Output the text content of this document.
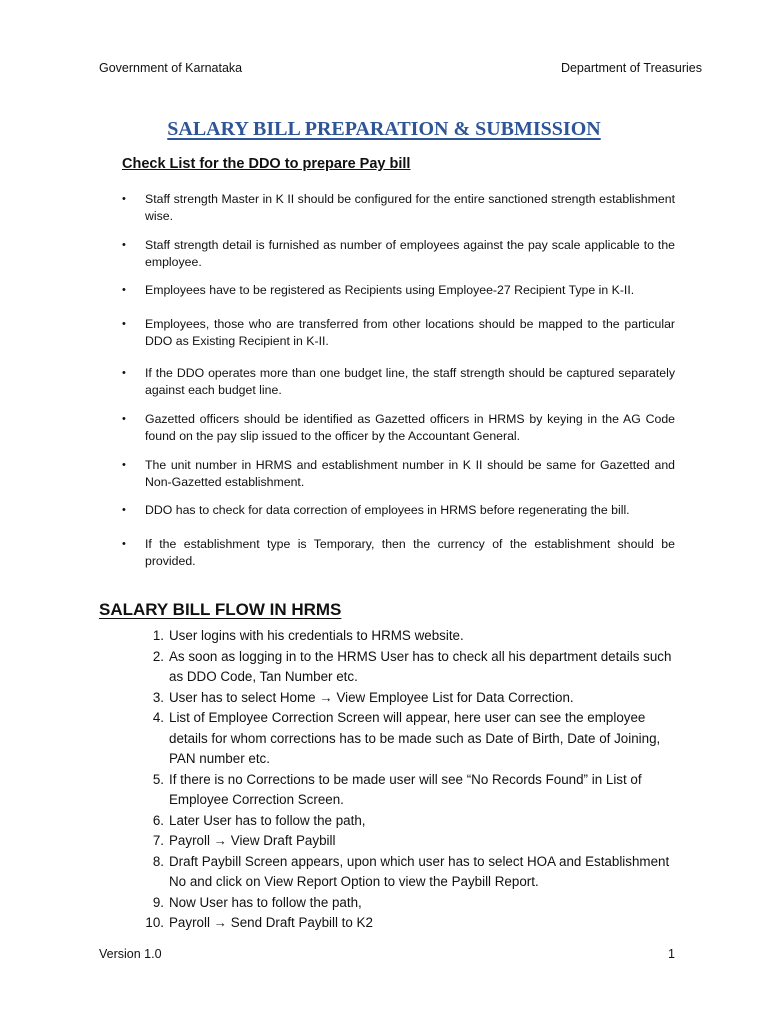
Government of Karnataka	Department of Treasuries
SALARY BILL PREPARATION & SUBMISSION
Check List for the DDO to prepare Pay bill
•	Staff strength Master in K II should be configured for the entire sanctioned strength establishment wise.
•	Staff strength detail is furnished as number of employees against the pay scale applicable to the employee.
•	Employees have to be registered as Recipients using Employee-27 Recipient Type in K-II.
•	Employees, those who are transferred from other locations should be mapped to the particular DDO as Existing Recipient in K-II.
•	If the DDO operates more than one budget line, the staff strength should be captured separately against each budget line.
•	Gazetted officers should be identified as Gazetted officers in HRMS by keying in the AG Code found on the pay slip issued to the officer by the Accountant General.
•	The unit number in HRMS and establishment number in K II should be same for Gazetted and Non-Gazetted establishment.
•	DDO has to check for data correction of employees in HRMS before regenerating the bill.
•	If the establishment type is Temporary, then the currency of the establishment should be provided.
SALARY BILL FLOW IN HRMS
1. User logins with his credentials to HRMS website.
2. As soon as logging in to the HRMS User has to check all his department details such as DDO Code, Tan Number etc.
3. User has to select Home → View Employee List for Data Correction.
4. List of Employee Correction Screen will appear, here user can see the employee details for whom corrections has to be made such as Date of Birth, Date of Joining, PAN number etc.
5. If there is no Corrections to be made user will see “No Records Found” in List of Employee Correction Screen.
6. Later User has to follow the path,
7. Payroll → View Draft Paybill
8. Draft Paybill Screen appears, upon which user has to select HOA and Establishment No and click on View Report Option to view the Paybill Report.
9. Now User has to follow the path,
10. Payroll → Send Draft Paybill to K2
Version 1.0	1
